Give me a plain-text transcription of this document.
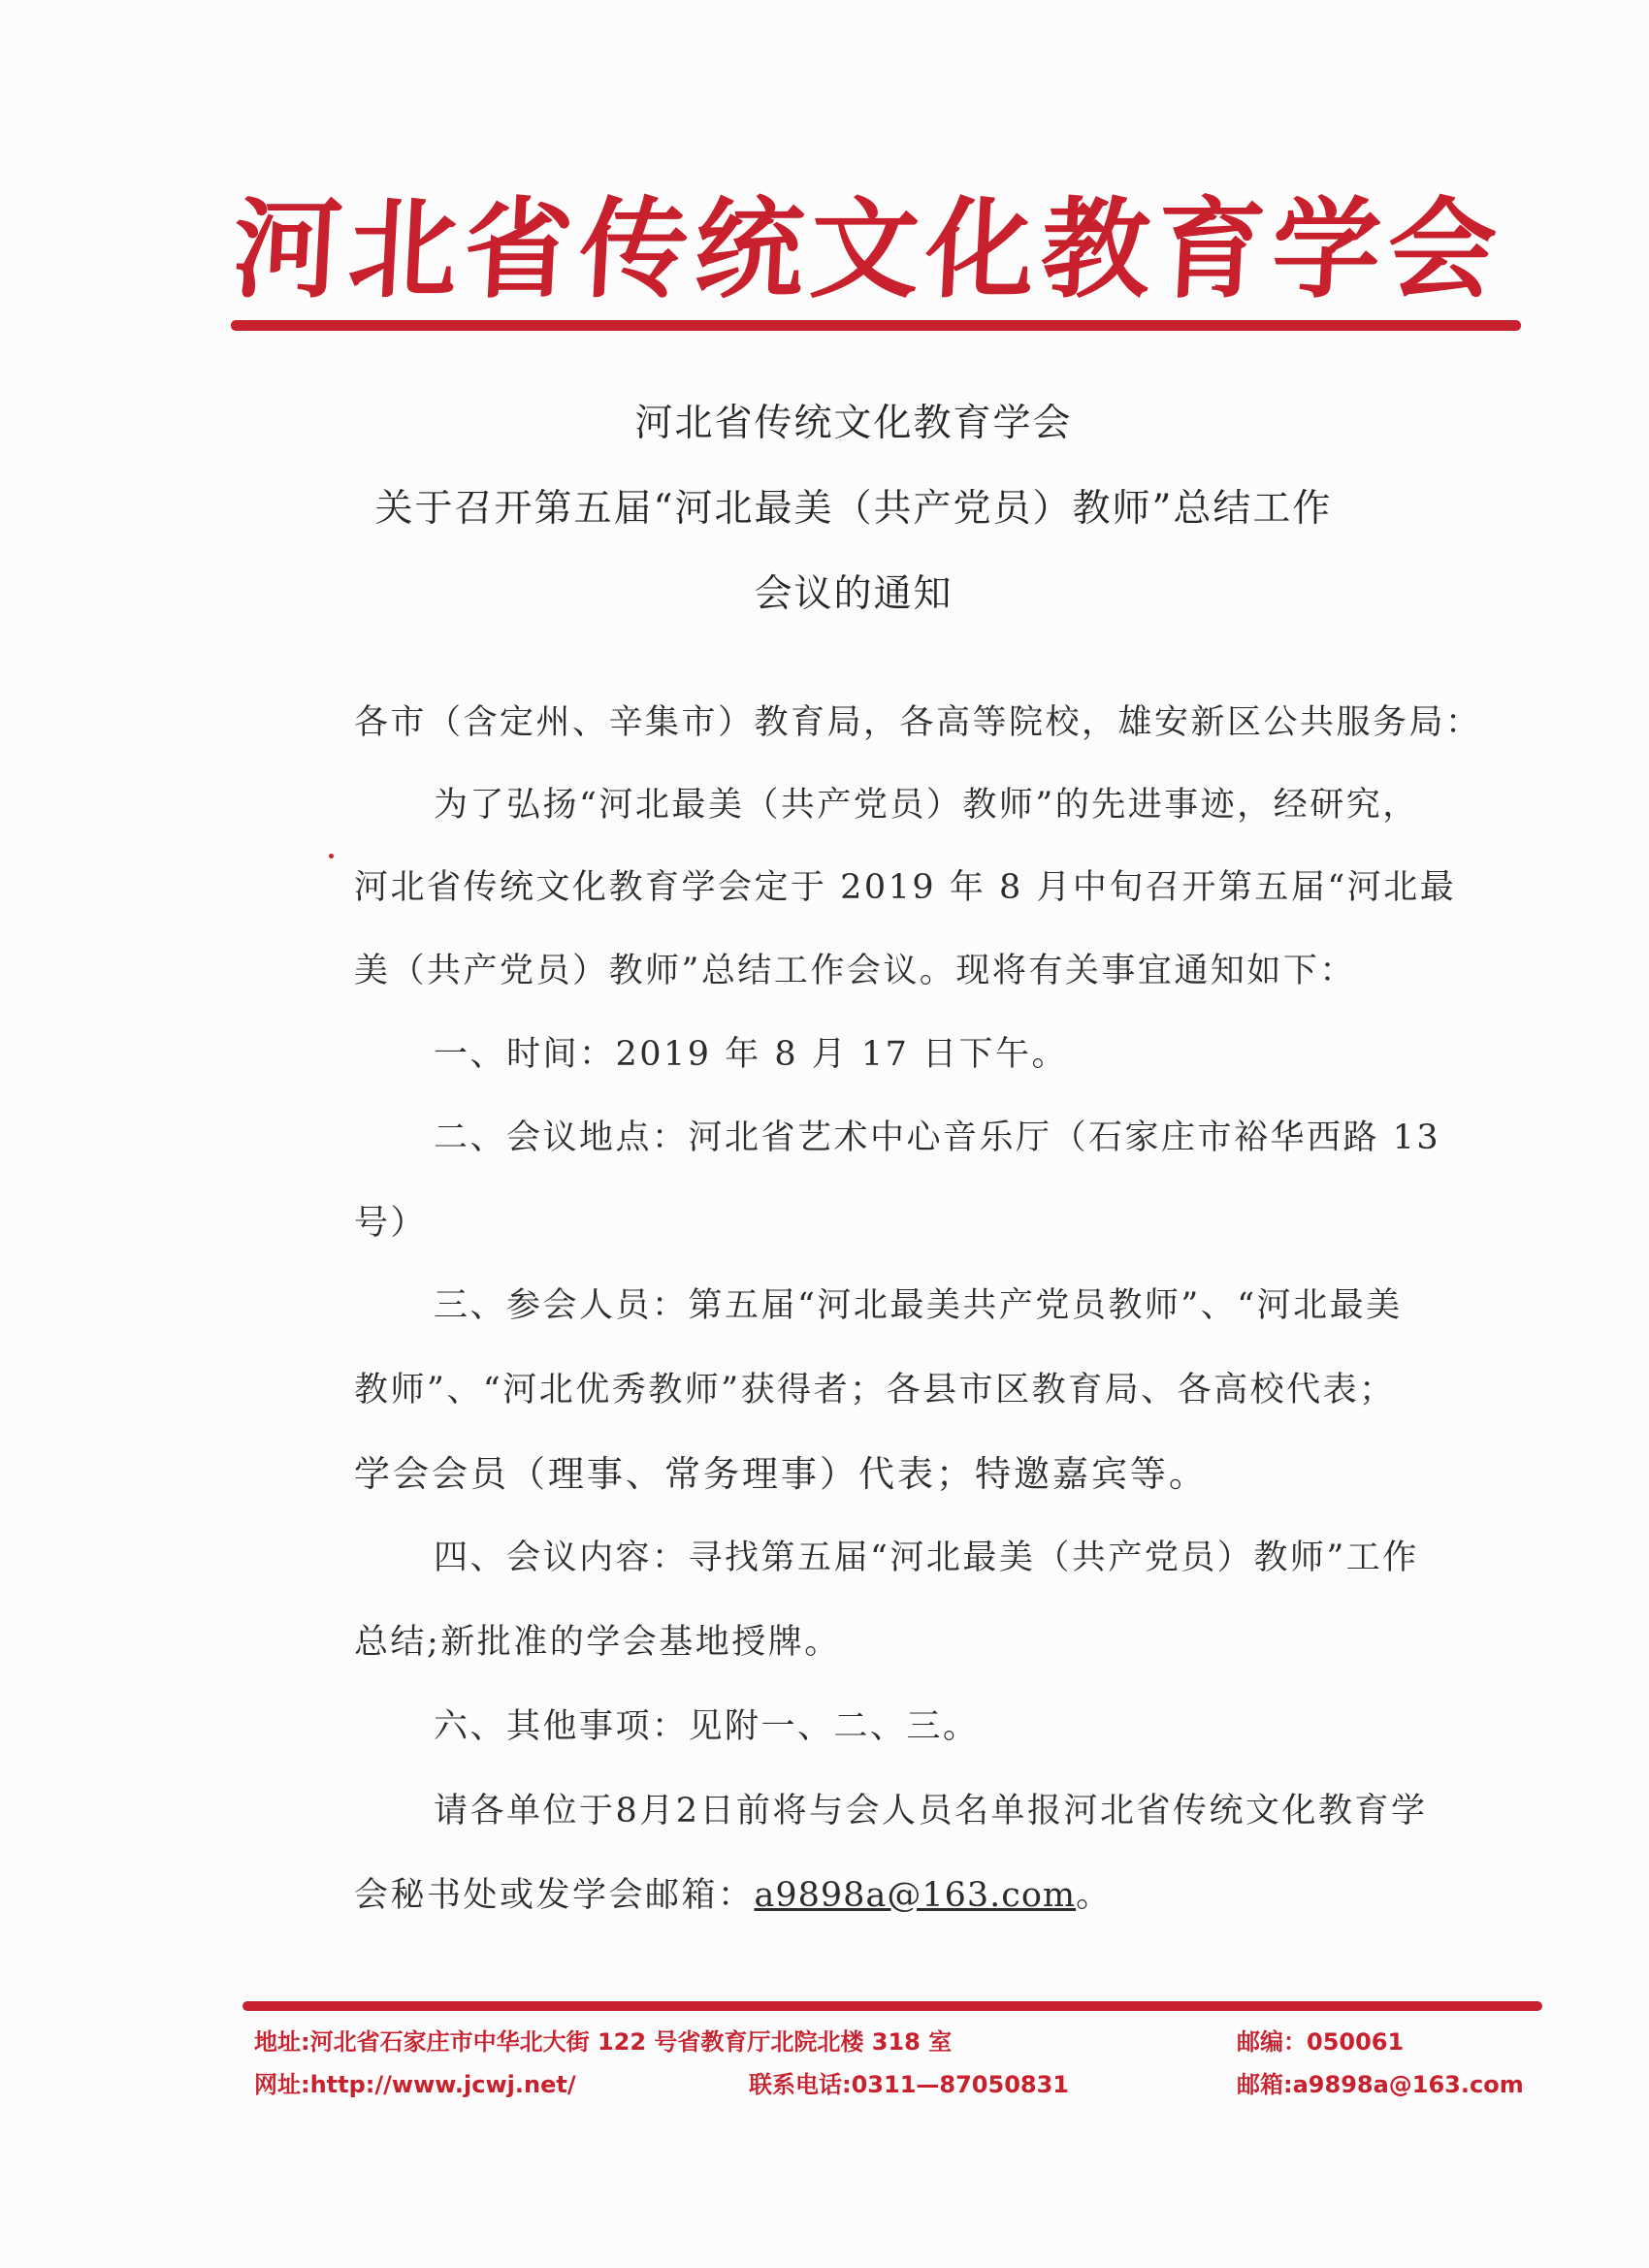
河北省传统文化教育学会
河北省传统文化教育学会
关于召开第五届“河北最美（共产党员）教师”总结工作
会议的通知
各市（含定州、辛集市）教育局，各高等院校，雄安新区公共服务局：
为了弘扬“河北最美（共产党员）教师”的先进事迹，经研究，
河北省传统文化教育学会定于 2019 年 8 月中旬召开第五届“河北最
美（共产党员）教师”总结工作会议。现将有关事宜通知如下：
一、时间：2019 年 8 月 17 日下午。
二、会议地点：河北省艺术中心音乐厅（石家庄市裕华西路 13
号）
三、参会人员：第五届“河北最美共产党员教师”、“河北最美
教师”、“河北优秀教师”获得者；各县市区教育局、各高校代表；
学会会员（理事、常务理事）代表；特邀嘉宾等。
四、会议内容：寻找第五届“河北最美（共产党员）教师”工作
总结;新批准的学会基地授牌。
六、其他事项：见附一、二、三。
请各单位于8月2日前将与会人员名单报河北省传统文化教育学
会秘书处或发学会邮箱：a9898a@163.com。
地址:河北省石家庄市中华北大街 122 号省教育厅北院北楼 318 室
网址:http://www.jcwj.net/	联系电话:0311—87050831
邮编：050061
邮箱:a9898a@163.com
